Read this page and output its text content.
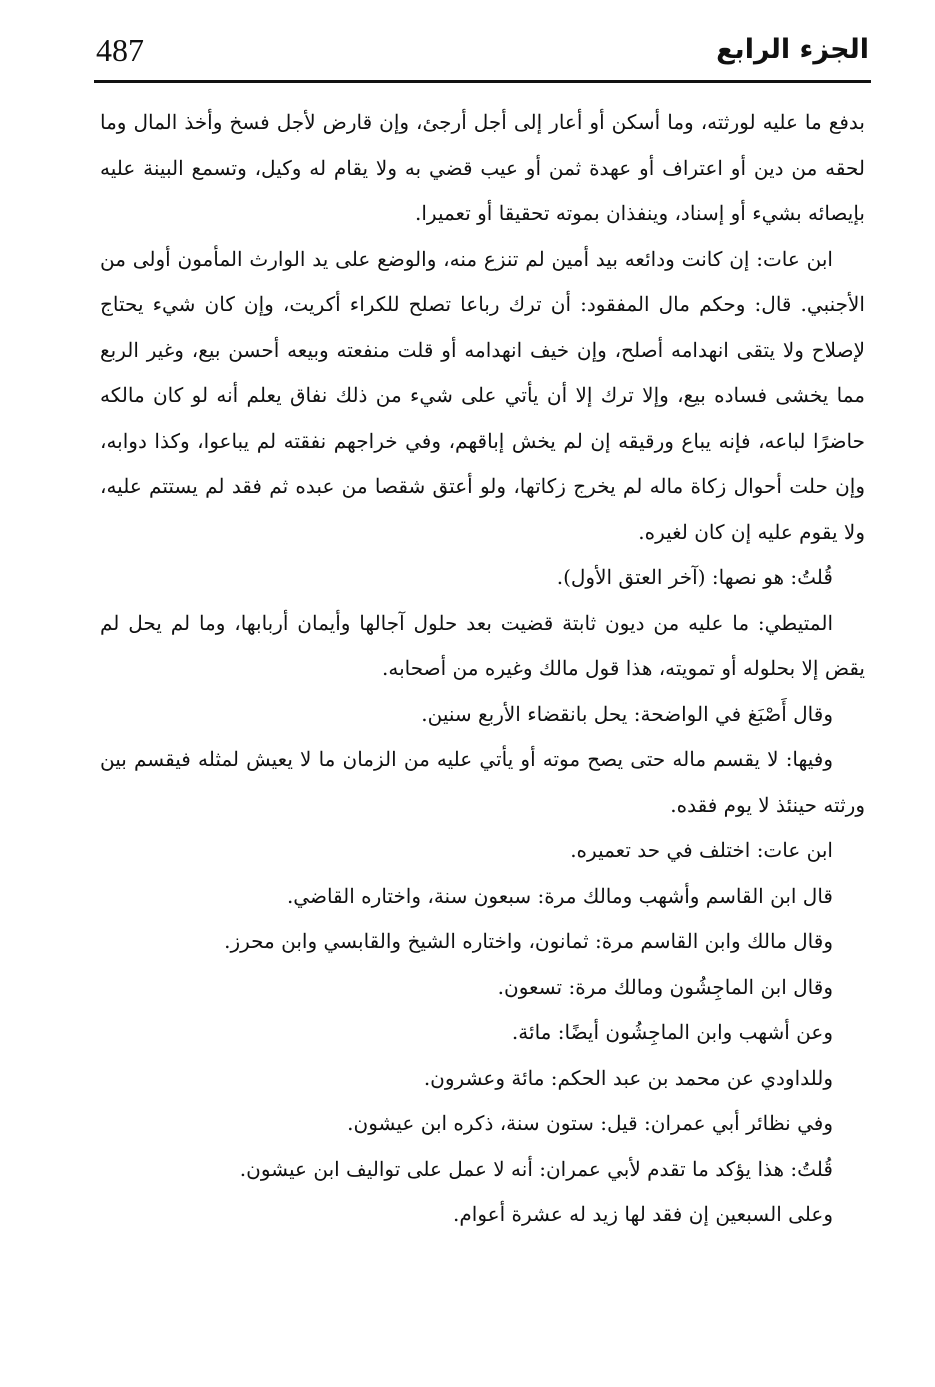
487	الجزء الرابع

بدفع ما عليه لورثته، وما أسكن أو أعار إلى أجل أرجئ، وإن قارض لأجل فسخ وأخذ المال وما لحقه من دين أو اعتراف أو عهدة ثمن أو عيب قضي به ولا يقام له وكيل، وتسمع البينة عليه بإيصائه بشيء أو إسناد، وينفذان بموته تحقيقا أو تعميرا.

ابن عات: إن كانت ودائعه بيد أمين لم تنزع منه، والوضع على يد الوارث المأمون أولى من الأجنبي. قال: وحكم مال المفقود: أن ترك رباعا تصلح للكراء أكريت، وإن كان شيء يحتاج لإصلاح ولا يتقى انهدامه أصلح، وإن خيف انهدامه أو قلت منفعته وبيعه أحسن بيع، وغير الربع مما يخشى فساده بيع، وإلا ترك إلا أن يأتي على شيء من ذلك نفاق يعلم أنه لو كان مالكه حاضرًا لباعه، فإنه يباع ورقيقه إن لم يخش إباقهم، وفي خراجهم نفقته لم يباعوا، وكذا دوابه، وإن حلت أحوال زكاة ماله لم يخرج زكاتها، ولو أعتق شقصا من عبده ثم فقد لم يستتم عليه، ولا يقوم عليه إن كان لغيره.

قُلتُ: هو نصها: (آخر العتق الأول).

المتيطي: ما عليه من ديون ثابتة قضيت بعد حلول آجالها وأيمان أربابها، وما لم يحل لم يقض إلا بحلوله أو تمويته، هذا قول مالك وغيره من أصحابه.

وقال أَصْبَغ في الواضحة: يحل بانقضاء الأربع سنين.

وفيها: لا يقسم ماله حتى يصح موته أو يأتي عليه من الزمان ما لا يعيش لمثله فيقسم بين ورثته حينئذ لا يوم فقده.

ابن عات: اختلف في حد تعميره.

قال ابن القاسم وأشهب ومالك مرة: سبعون سنة، واختاره القاضي.

وقال مالك وابن القاسم مرة: ثمانون، واختاره الشيخ والقابسي وابن محرز.

وقال ابن الماجِشُون ومالك مرة: تسعون.

وعن أشهب وابن الماجِشُون أيضًا: مائة.

وللداودي عن محمد بن عبد الحكم: مائة وعشرون.

وفي نظائر أبي عمران: قيل: ستون سنة، ذكره ابن عيشون.

قُلتُ: هذا يؤكد ما تقدم لأبي عمران: أنه لا عمل على تواليف ابن عيشون.

وعلى السبعين إن فقد لها زيد له عشرة أعوام.
